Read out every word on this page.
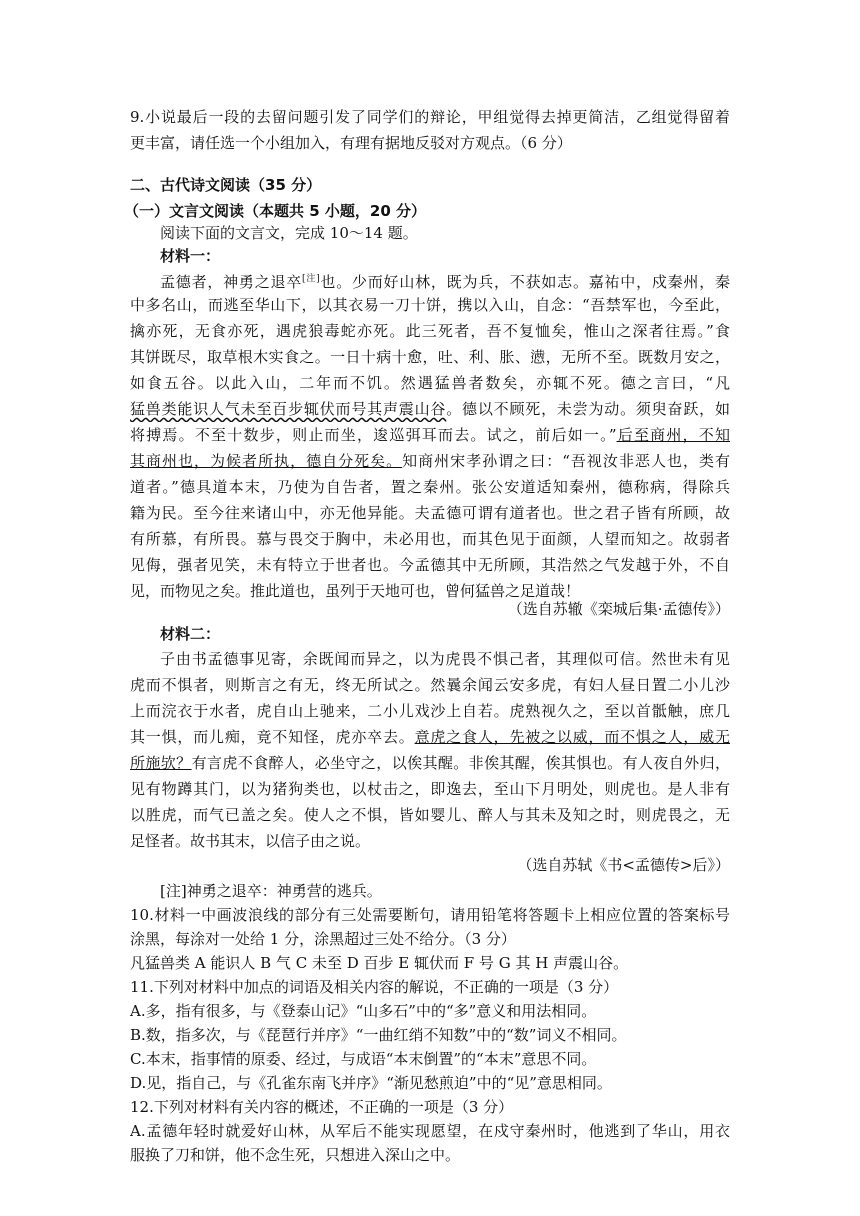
9.小说最后一段的去留问题引发了同学们的辩论，甲组觉得去掉更简洁，乙组觉得留着
更丰富，请任选一个小组加入，有理有据地反驳对方观点。（6 分）
二、古代诗文阅读（35 分）
（一）文言文阅读（本题共 5 小题，20 分）
阅读下面的文言文，完成 10～14 题。
材料一：
孟德者，神勇之退卒[注]也。少而好山林，既为兵，不获如志。嘉祐中，戍秦州，秦
中多名山，而逃至华山下，以其衣易一刀十饼，携以入山，自念：“吾禁军也，今至此，
擒亦死，无食亦死，遇虎狼毒蛇亦死。此三死者，吾不复恤矣，惟山之深者往焉。”食
其饼既尽，取草根木实食之。一日十病十愈，吐、利、胀、懑，无所不至。既数月安之，
如食五谷。以此入山，二年而不饥。然遇猛兽者数矣，亦辄不死。德之言曰，“凡
猛兽类能识人气未至百步辄伏而号其声震山谷。德以不顾死，未尝为动。须臾奋跃，如
将搏焉。不至十数步，则止而坐，逡巡弭耳而去。试之，前后如一。”后至商州，不知
其商州也，为候者所执，德自分死矣。知商州宋孝孙谓之曰：“吾视汝非恶人也，类有
道者。”德具道本末，乃使为自告者，置之秦州。张公安道适知秦州，德称病，得除兵
籍为民。至今往来诸山中，亦无他异能。夫孟德可谓有道者也。世之君子皆有所顾，故
有所慕，有所畏。慕与畏交于胸中，未必用也，而其色见于面颜，人望而知之。故弱者
见侮，强者见笑，未有特立于世者也。今孟德其中无所顾，其浩然之气发越于外，不自
见，而物见之矣。推此道也，虽列于天地可也，曾何猛兽之足道哉！
（选自苏辙《栾城后集·孟德传》）
材料二：
子由书孟德事见寄，余既闻而异之，以为虎畏不惧己者，其理似可信。然世未有见
虎而不惧者，则斯言之有无，终无所试之。然曩余闻云安多虎，有妇人昼日置二小儿沙
上而浣衣于水者，虎自山上驰来，二小儿戏沙上自若。虎熟视久之，至以首骶触，庶几
其一惧，而儿痴，竟不知怪，虎亦卒去。意虎之食人，先被之以威，而不惧之人，威无
所施欤？有言虎不食醉人，必坐守之，以俟其醒。非俟其醒，俟其惧也。有人夜自外归，
见有物蹲其门，以为猪狗类也，以杖击之，即逸去，至山下月明处，则虎也。是人非有
以胜虎，而气已盖之矣。使人之不惧，皆如婴儿、醉人与其未及知之时，则虎畏之，无
足怪者。故书其末，以信子由之说。
（选自苏轼《书<孟德传>后》）
[注]神勇之退卒：神勇营的逃兵。
10.材料一中画波浪线的部分有三处需要断句，请用铅笔将答题卡上相应位置的答案标号
涂黑，每涂对一处给 1 分，涂黑超过三处不给分。（3 分）
凡猛兽类 A 能识人 B 气 C 未至 D 百步 E 辄伏而 F 号 G 其 H 声震山谷。
11.下列对材料中加点的词语及相关内容的解说，不正确的一项是（3 分）
A.多，指有很多，与《登泰山记》“山多石”中的“多”意义和用法相同。
B.数，指多次，与《琵琶行并序》“一曲红绡不知数”中的“数”词义不相同。
C.本末，指事情的原委、经过，与成语“本末倒置”的“本末”意思不同。
D.见，指自己，与《孔雀东南飞并序》“渐见愁煎迫”中的“见”意思相同。
12.下列对材料有关内容的概述，不正确的一项是（3 分）
A.孟德年轻时就爱好山林，从军后不能实现愿望，在戍守秦州时，他逃到了华山，用衣
服换了刀和饼，他不念生死，只想进入深山之中。
